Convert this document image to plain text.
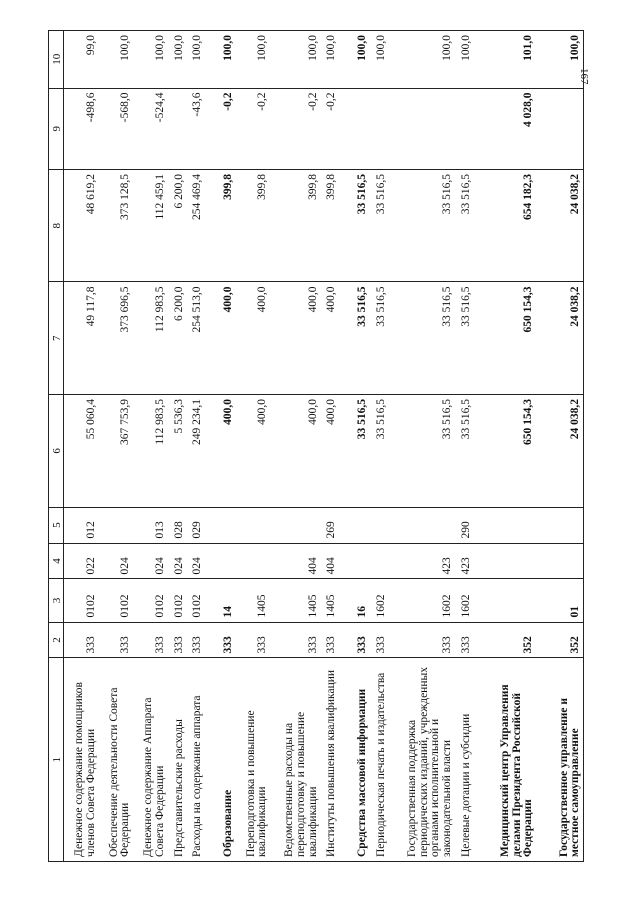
167
1	2	3	4	5	6	7	8	9	10
Денежное содержание помощников членов Совета Федерации	333	0102	022	012	55 060,4	49 117,8	48 619,2	-498,6	99,0
Обеспечение деятельности Совета Федерации	333	0102	024		367 753,9	373 696,5	373 128,5	-568,0	100,0
Денежное содержание Аппарата Совета Федерации	333	0102	024	013	112 983,5	112 983,5	112 459,1	-524,4	100,0
Представительские расходы	333	0102	024	028	5 536,3	6 200,0	6 200,0		100,0
Расходы на содержание аппарата	333	0102	024	029	249 234,1	254 513,0	254 469,4	-43,6	100,0
Образование	333	14			400,0	400,0	399,8	-0,2	100,0
Переподготовка и повышение квалификации	333	1405			400,0	400,0	399,8	-0,2	100,0
Ведомственные расходы на переподготовку и повышение квалификации	333	1405	404		400,0	400,0	399,8	-0,2	100,0
Институты повышения квалификации	333	1405	404	269	400,0	400,0	399,8	-0,2	100,0
Средства массовой информации	333	16			33 516,5	33 516,5	33 516,5		100,0
Периодическая печать и издательства	333	1602			33 516,5	33 516,5	33 516,5		100,0
Государственная поддержка периодических изданий, учрежденных органами исполнительной и законодательной власти	333	1602	423		33 516,5	33 516,5	33 516,5		100,0
Целевые дотации и субсидии	333	1602	423	290	33 516,5	33 516,5	33 516,5		100,0
Медицинский центр Управления делами Президента Российской Федерации	352				650 154,3	650 154,3	654 182,3	4 028,0	101,0
Государственное управление и местное самоуправление	352	01			24 038,2	24 038,2	24 038,2		100,0
